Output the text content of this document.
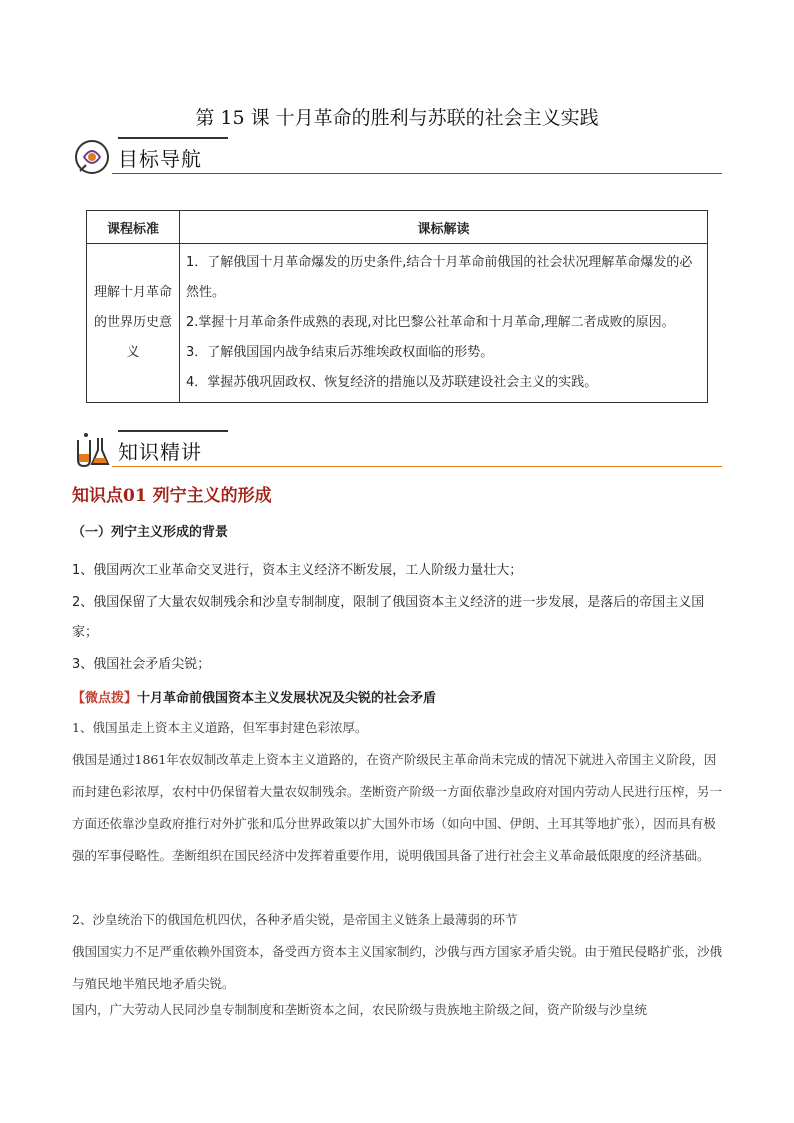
第 15 课 十月革命的胜利与苏联的社会主义实践
目标导航
课程标准	课标解读
理解十月革命的世界历史意义	1．了解俄国十月革命爆发的历史条件,结合十月革命前俄国的社会状况理解革命爆发的必然性。
2.掌握十月革命条件成熟的表现,对比巴黎公社革命和十月革命,理解二者成败的原因。
3．了解俄国国内战争结束后苏维埃政权面临的形势。
4．掌握苏俄巩固政权、恢复经济的措施以及苏联建设社会主义的实践。
知识精讲
知识点01 列宁主义的形成
（一）列宁主义形成的背景
1、俄国两次工业革命交叉进行，资本主义经济不断发展，工人阶级力量壮大；
2、俄国保留了大量农奴制残余和沙皇专制制度，限制了俄国资本主义经济的进一步发展，是落后的帝国主义国家；
3、俄国社会矛盾尖锐；
【微点拨】十月革命前俄国资本主义发展状况及尖锐的社会矛盾
1、俄国虽走上资本主义道路，但军事封建色彩浓厚。
俄国是通过1861年农奴制改革走上资本主义道路的，在资产阶级民主革命尚未完成的情况下就进入帝国主义阶段，因而封建色彩浓厚，农村中仍保留着大量农奴制残余。垄断资产阶级一方面依靠沙皇政府对国内劳动人民进行压榨，另一方面还依靠沙皇政府推行对外扩张和瓜分世界政策以扩大国外市场（如向中国、伊朗、土耳其等地扩张），因而具有极强的军事侵略性。垄断组织在国民经济中发挥着重要作用，说明俄国具备了进行社会主义革命最低限度的经济基础。
2、沙皇统治下的俄国危机四伏，各种矛盾尖锐，是帝国主义链条上最薄弱的环节
俄国国实力不足严重依赖外国资本，备受西方资本主义国家制约，沙俄与西方国家矛盾尖锐。由于殖民侵略扩张，沙俄与殖民地半殖民地矛盾尖锐。
国内，广大劳动人民同沙皇专制制度和垄断资本之间，农民阶级与贵族地主阶级之间，资产阶级与沙皇统
